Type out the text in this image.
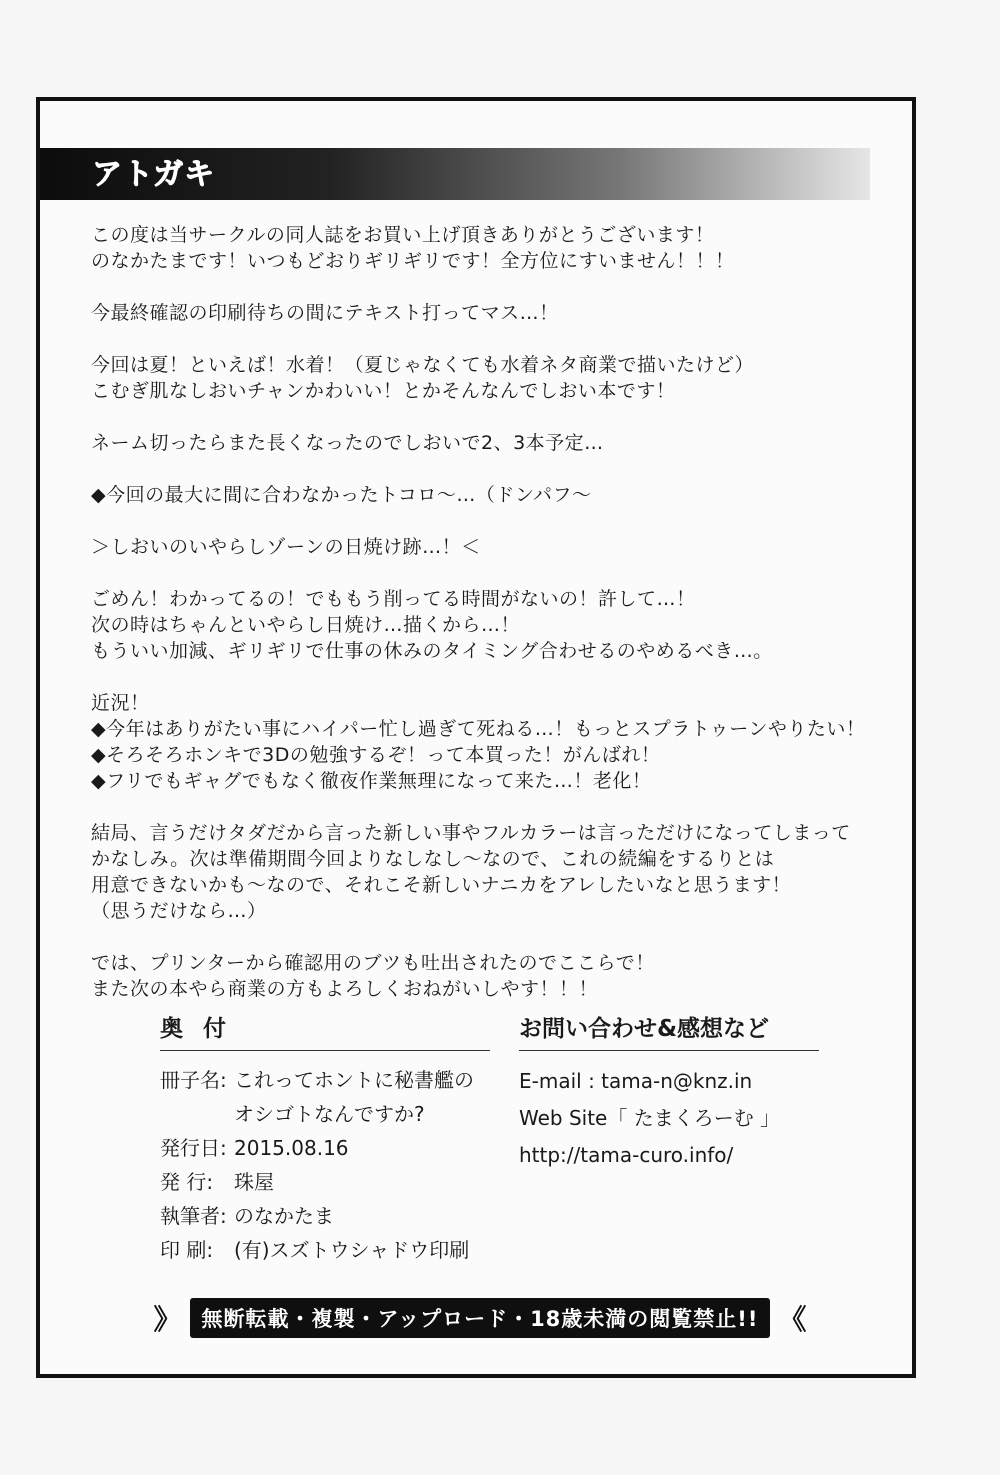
アトガキ
この度は当サークルの同人誌をお買い上げ頂きありがとうございます！
のなかたまです！いつもどおりギリギリです！全方位にすいません！！！
今最終確認の印刷待ちの間にテキスト打ってマス…！
今回は夏！といえば！水着！（夏じゃなくても水着ネタ商業で描いたけど）
こむぎ肌なしおいチャンかわいい！とかそんなんでしおい本です！
ネーム切ったらまた長くなったのでしおいで2、3本予定…
◆今回の最大に間に合わなかったトコロ～…（ドンパフ～
＞しおいのいやらしゾーンの日焼け跡…！＜
ごめん！わかってるの！でももう削ってる時間がないの！許して…！
次の時はちゃんといやらし日焼け…描くから…！
もういい加減、ギリギリで仕事の休みのタイミング合わせるのやめるべき…。
近況！
◆今年はありがたい事にハイパー忙し過ぎて死ねる…！もっとスプラトゥーンやりたい！
◆そろそろホンキで3Dの勉強するぞ！って本買った！がんばれ！
◆フリでもギャグでもなく徹夜作業無理になって来た…！老化！
結局、言うだけタダだから言った新しい事やフルカラーは言っただけになってしまって
かなしみ。次は準備期間今回よりなしなし～なので、これの続編をするりとは
用意できないかも～なので、それこそ新しいナニカをアレしたいなと思うます！
（思うだけなら…）
では、プリンターから確認用のブツも吐出されたのでここらで！
また次の本やら商業の方もよろしくおねがいしやす！！！
奥 付
冊子名: これってホントに秘書艦の
オシゴトなんですか?
発行日: 2015.08.16
発 行:	珠屋
執筆者: のなかたま
印 刷:	(有)スズトウシャドウ印刷
お問い合わせ&感想など
E-mail : tama-n@knz.in
Web Site「 たまくろーむ 」
http://tama-curo.info/
》 無断転載・複製・アップロード・18歳未満の閲覧禁止!! 《
